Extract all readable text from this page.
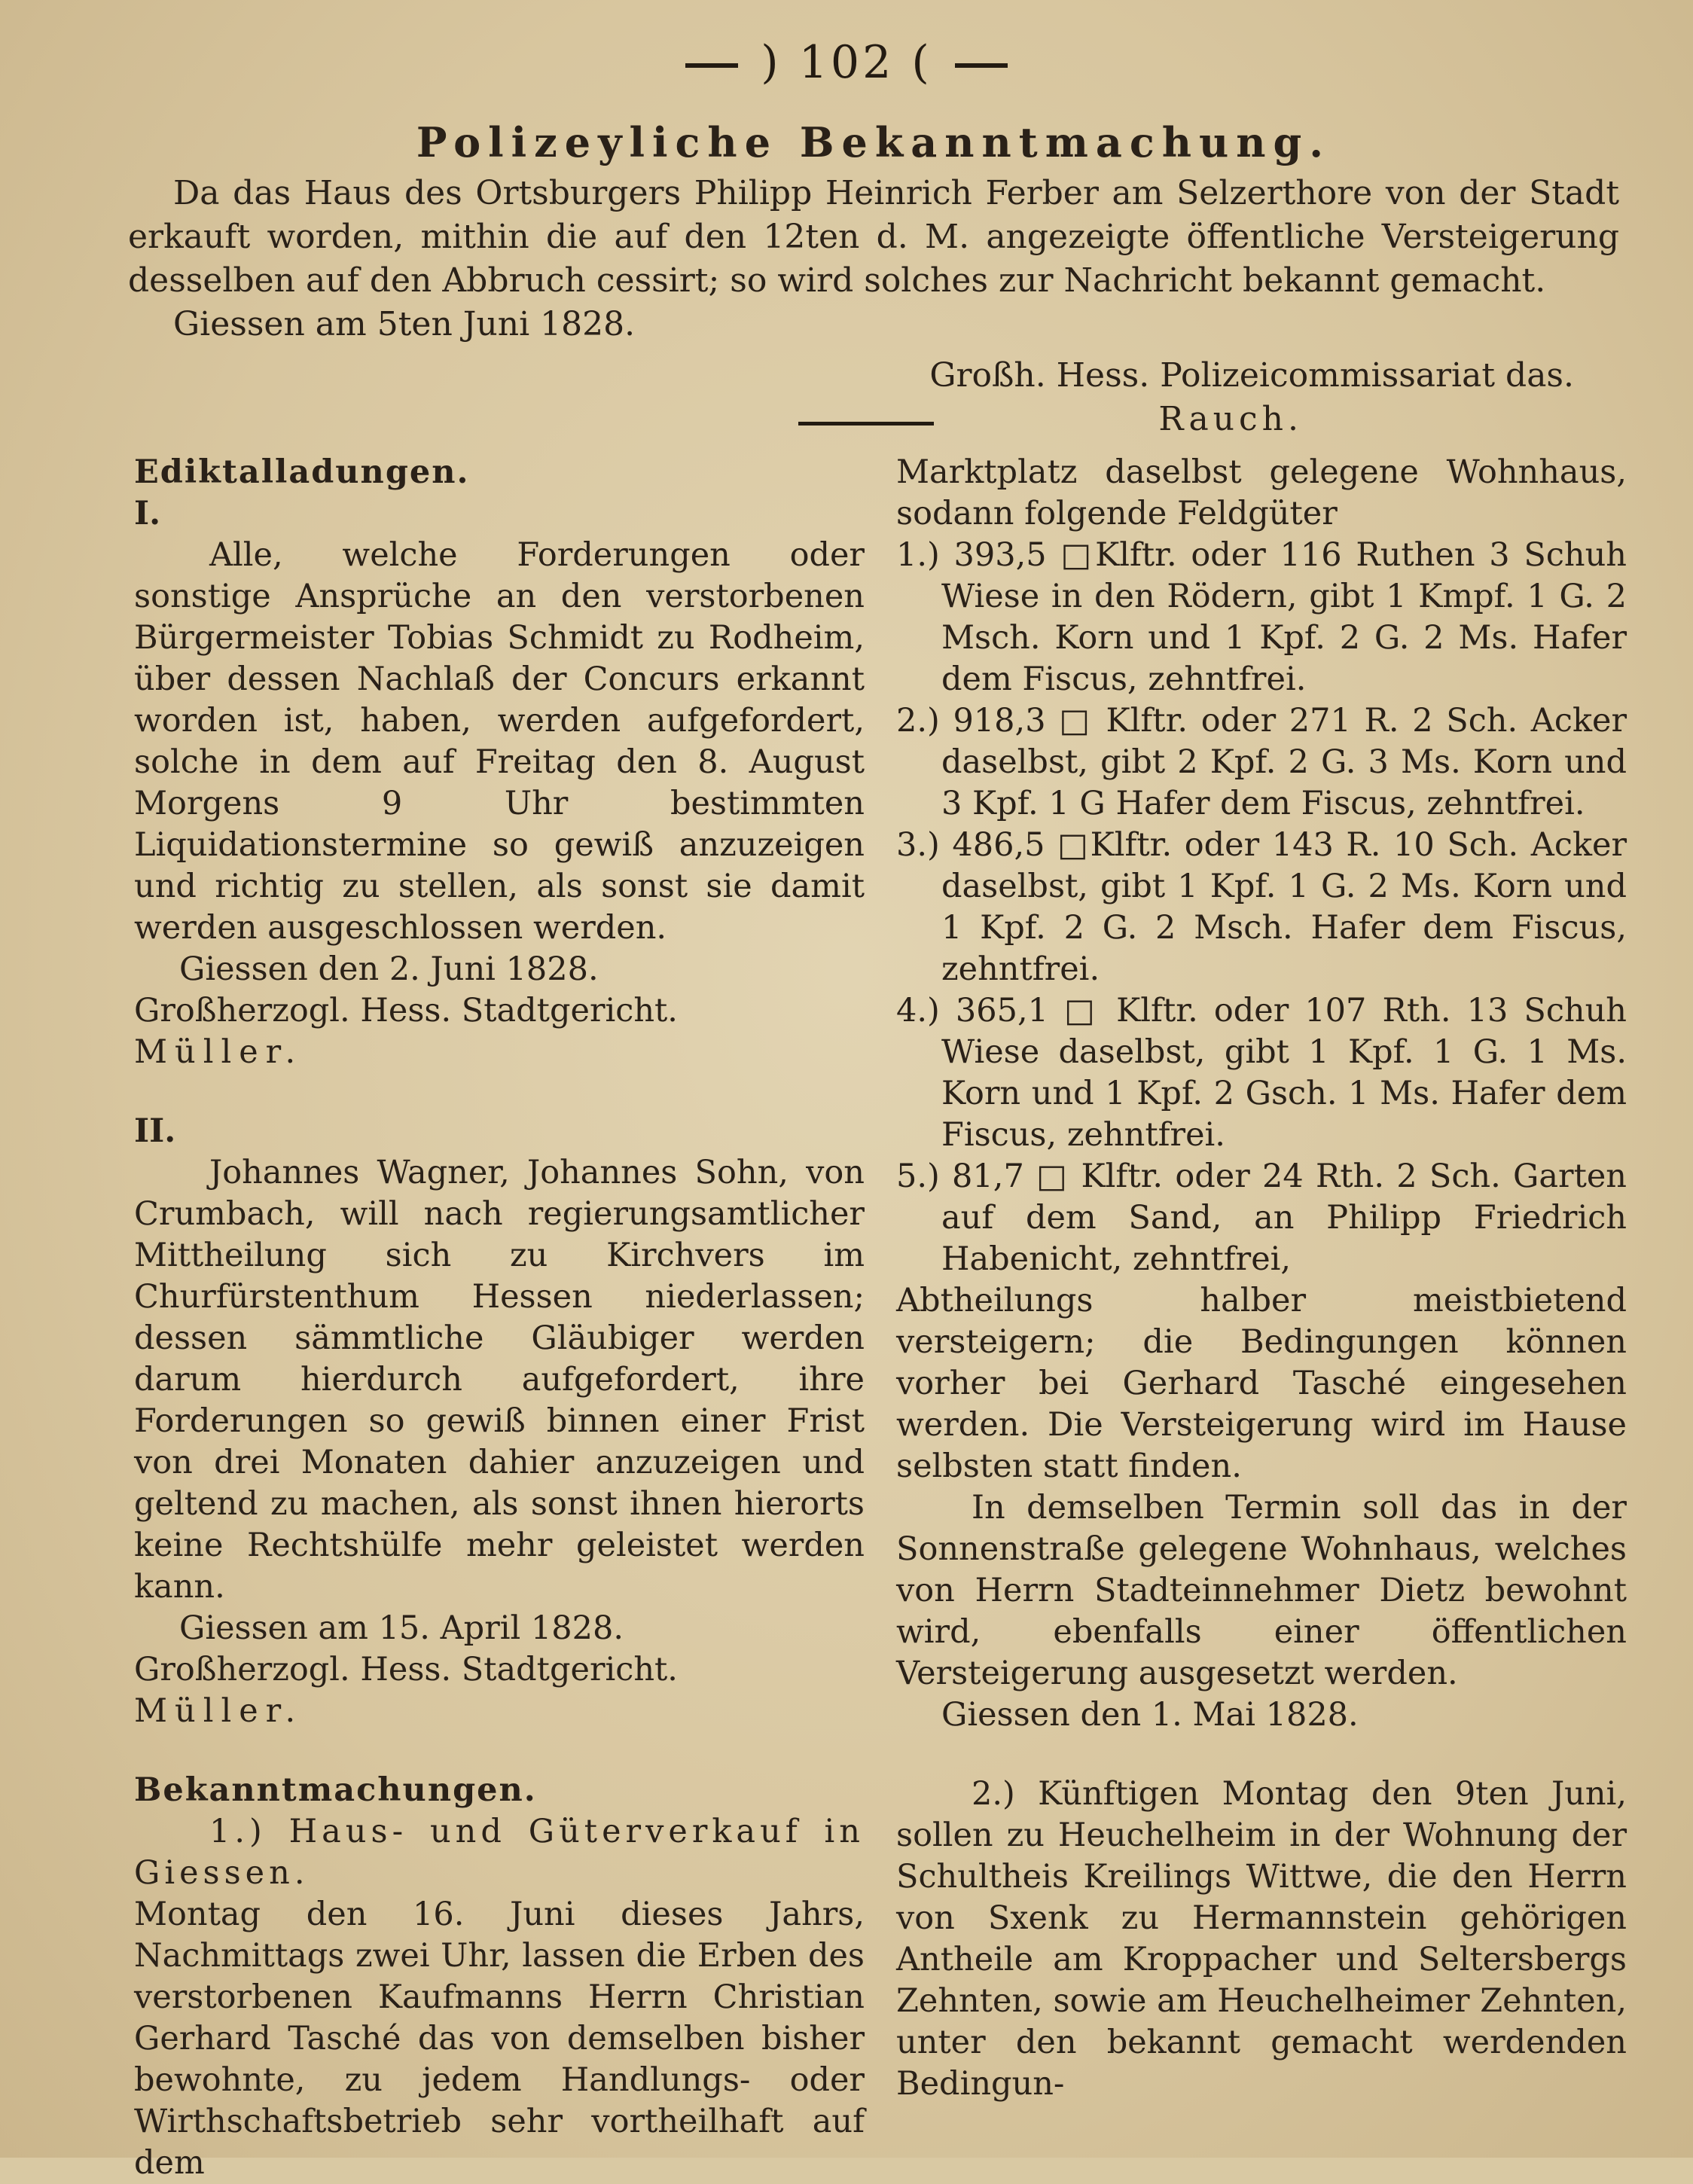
) 102 (

Polizeyliche Bekanntmachung.

Da das Haus des Ortsburgers Philipp Heinrich Ferber am Selzerthore von der Stadt erkauft worden, mithin die auf den 12ten d. M. angezeigte öffentliche Versteigerung desselben auf den Abbruch cessirt; so wird solches zur Nachricht bekannt gemacht.

Giessen am 5ten Juni 1828.

Großh. Hess. Polizeicommissariat das.

Rauch.

Ediktalladungen.

I.

Alle, welche Forderungen oder sonstige Ansprüche an den verstorbenen Bürgermeister Tobias Schmidt zu Rodheim, über dessen Nachlaß der Concurs erkannt worden ist, haben, werden aufgefordert, solche in dem auf Freitag den 8. August Morgens 9 Uhr bestimmten Liquidationstermine so gewiß anzuzeigen und richtig zu stellen, als sonst sie damit werden ausgeschlossen werden.

Giessen den 2. Juni 1828.

Großherzogl. Hess. Stadtgericht.

Müller.

II.

Johannes Wagner, Johannes Sohn, von Crumbach, will nach regierungsamtlicher Mittheilung sich zu Kirchvers im Churfürstenthum Hessen niederlassen; dessen sämmtliche Gläubiger werden darum hierdurch aufgefordert, ihre Forderungen so gewiß binnen einer Frist von drei Monaten dahier anzuzeigen und geltend zu machen, als sonst ihnen hierorts keine Rechtshülfe mehr geleistet werden kann.

Giessen am 15. April 1828.

Großherzogl. Hess. Stadtgericht.

Müller.

Bekanntmachungen.

1.) Haus- und Güterverkauf in Giessen.

Montag den 16. Juni dieses Jahrs, Nachmittags zwei Uhr, lassen die Erben des verstorbenen Kaufmanns Herrn Christian Gerhard Tasché das von demselben bisher bewohnte, zu jedem Handlungs- oder Wirthschaftsbetrieb sehr vortheilhaft auf dem

Marktplatz daselbst gelegene Wohnhaus, sodann folgende Feldgüter

1.) 393,5 □Klftr. oder 116 Ruthen 3 Schuh Wiese in den Rödern, gibt 1 Kmpf. 1 G. 2 Msch. Korn und 1 Kpf. 2 G. 2 Ms. Hafer dem Fiscus, zehntfrei.

2.) 918,3 □ Klftr. oder 271 R. 2 Sch. Acker daselbst, gibt 2 Kpf. 2 G. 3 Ms. Korn und 3 Kpf. 1 G Hafer dem Fiscus, zehntfrei.

3.) 486,5 □Klftr. oder 143 R. 10 Sch. Acker daselbst, gibt 1 Kpf. 1 G. 2 Ms. Korn und 1 Kpf. 2 G. 2 Msch. Hafer dem Fiscus, zehntfrei.

4.) 365,1 □ Klftr. oder 107 Rth. 13 Schuh Wiese daselbst, gibt 1 Kpf. 1 G. 1 Ms. Korn und 1 Kpf. 2 Gsch. 1 Ms. Hafer dem Fiscus, zehntfrei.

5.) 81,7 □ Klftr. oder 24 Rth. 2 Sch. Garten auf dem Sand, an Philipp Friedrich Habenicht, zehntfrei,

Abtheilungs halber meistbietend versteigern; die Bedingungen können vorher bei Gerhard Tasché eingesehen werden. Die Versteigerung wird im Hause selbsten statt finden.

In demselben Termin soll das in der Sonnenstraße gelegene Wohnhaus, welches von Herrn Stadteinnehmer Dietz bewohnt wird, ebenfalls einer öffentlichen Versteigerung ausgesetzt werden.

Giessen den 1. Mai 1828.

2.) Künftigen Montag den 9ten Juni, sollen zu Heuchelheim in der Wohnung der Schultheis Kreilings Wittwe, die den Herrn von Sxenk zu Hermannstein gehörigen Antheile am Kroppacher und Seltersbergs Zehnten, sowie am Heuchelheimer Zehnten, unter den bekannt gemacht werdenden Bedingun-
